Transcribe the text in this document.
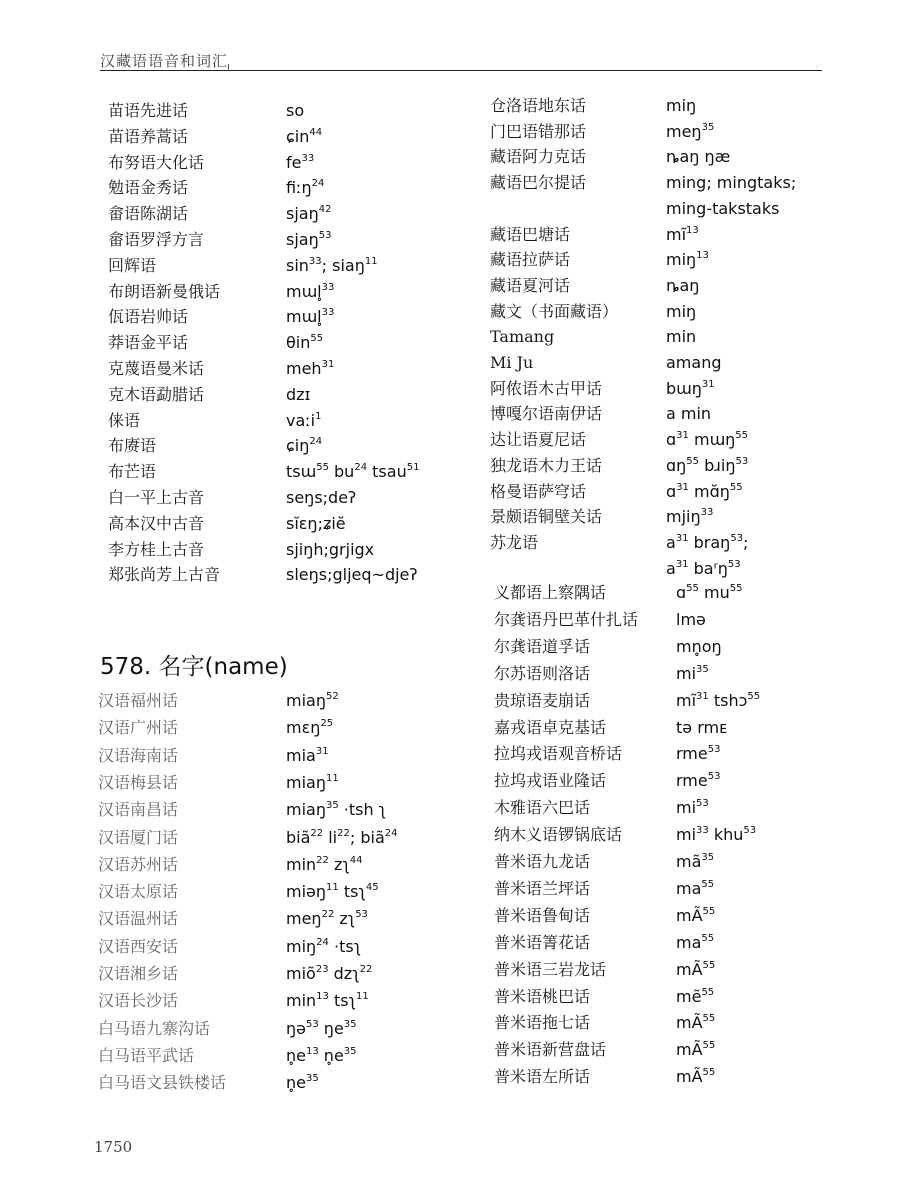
汉藏语语音和词汇
苗语先进话	so
苗语养蒿话	ɕin$^{44}$
布努语大化话	$fe^{33}$
勉语金秀话	fiːŋ$^{24}$
畲语陈湖话	sjaŋ$^{42}$
畲语罗浮方言	sjaŋ$^{53}$
回辉语	$\sin^{33}$; siaŋ$^{11}$
布朗语新曼俄话	mɯl̥$^{33}$
佤语岩帅话	mɯl̥$^{33}$
莽语金平话	θin$^{55}$
克蔑语曼米话	meh$^{31}$
克木语勐腊话	dzɪ
俫语	vaːi$^1$
布赓语	ɕiŋ$^{24}$
布芒语	tsɯ$^{55}$ $bu^{24}$ tsau$^{51}$
白一平上古音	seŋs;deʔ
高本汉中古音	sĭɛŋ;ʑiĕ
李方桂上古音	sjiŋh;grjigx
郑张尚芳上古音	sleŋs;gljeq~djeʔ
578. 名字(name)
汉语福州话	miaŋ$^{52}$
汉语广州话	mɛŋ$^{25}$
汉语海南话	mia$^{31}$
汉语梅县话	miaŋ$^{11}$
汉语南昌话	miaŋ$^{35}$ ·tsh ʅ
汉语厦门话	biã$^{22}$ $li^{22}$; biã$^{24}$
汉语苏州话	$\min^{22}$ zʅ$^{44}$
汉语太原话	miəŋ$^{11}$ tsʅ$^{45}$
汉语温州话	meŋ$^{22}$ zʅ$^{53}$
汉语西安话	miŋ$^{24}$ ·tsʅ
汉语湘乡话	miõ$^{23}$ dzʅ$^{22}$
汉语长沙话	$\min^{13}$ tsʅ$^{11}$
白马语九寨沟话	ŋə$^{53}$ $ŋe^{35}$
白马语平武话	$n̥e^{13}$ $n̥e^{35}$
白马语文县铁楼话	$n̥e^{35}$
仓洛语地东话	miŋ
门巴语错那话	meŋ$^{35}$
藏语阿力克话	ȵaŋ ŋæ
藏语巴尔提话	ming; mingtaks;
ming-takstaks
藏语巴塘话	$mĩ^{13}$
藏语拉萨话	miŋ$^{13}$
藏语夏河话	ȵaŋ
藏文（书面藏语）	miŋ
Tamang	min
Mi Ju	amang
阿侬语木古甲话	bɯŋ$^{31}$
博嘎尔语南伊话	a min
达让语夏尼话	ɑ$^{31}$ mɯŋ$^{55}$
独龙语木力王话	ɑŋ$^{55}$ bɹiŋ$^{53}$
格曼语萨穹话	ɑ$^{31}$ $mɑ̆ŋ^{55}$
景颇语铜壁关话	mjiŋ$^{33}$
苏龙语	$a^{31}$ braŋ$^{53}$;
$a^{31}$ baʳŋ$^{53}$
义都语上察隅话	ɑ$^{55}$ $mu^{55}$
尔龚语丹巴革什扎话 lmə
尔龚语道孚话	mn̥oŋ
尔苏语则洛话	$mi^{35}$
贵琼语麦崩话	$mĩ^{31}$ tshɔ$^{55}$
嘉戎语卓克基话	tə rmᴇ
拉坞戎语观音桥话	rme$^{53}$
拉坞戎语业隆话	rme$^{53}$
木雅语六巴话	$mi^{53}$
纳木义语锣锅底话	$mi^{33}$ khu$^{53}$
普米语九龙话	$mã^{35}$
普米语兰坪话	$ma^{55}$
普米语鲁甸话	$mÃ^{55}$
普米语箐花话	$ma^{55}$
普米语三岩龙话	$mÃ^{55}$
普米语桃巴话	mẽ$^{55}$
普米语拖七话	$mÃ^{55}$
普米语新营盘话	$mÃ^{55}$
普米语左所话	$mÃ^{55}$
1750
